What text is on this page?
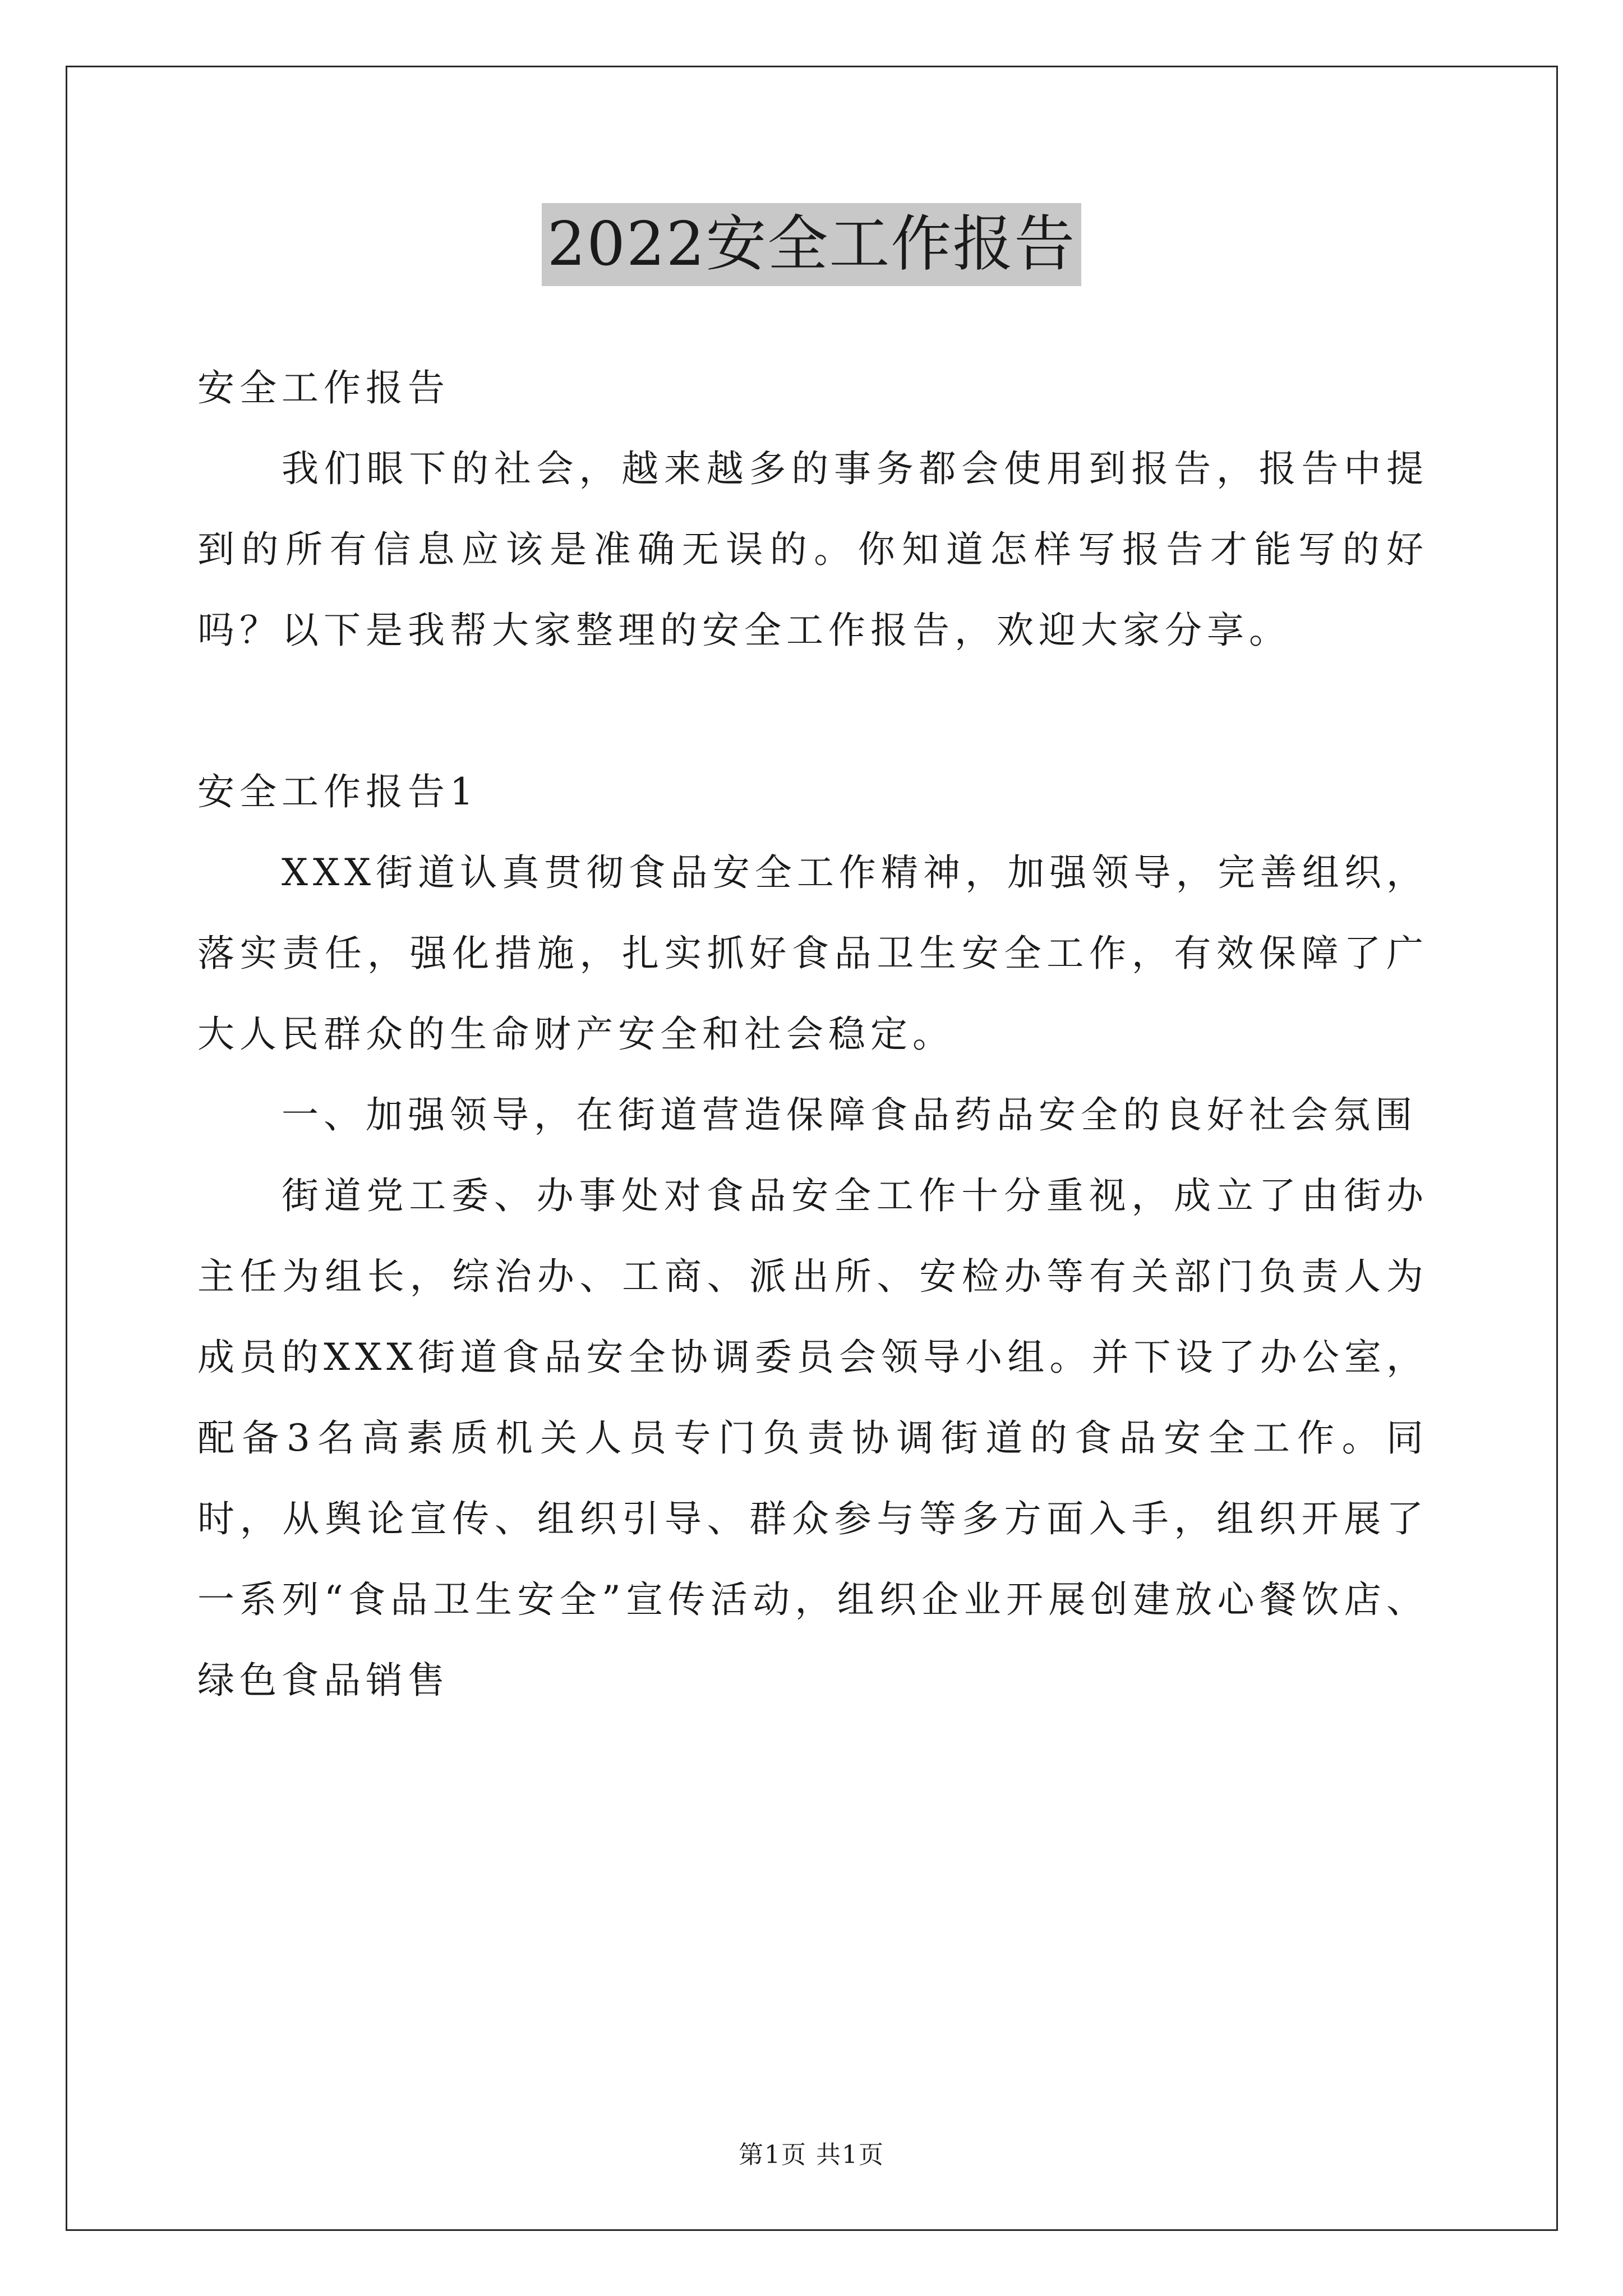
2022安全工作报告

安全工作报告

我们眼下的社会，越来越多的事务都会使用到报告，报告中提到的所有信息应该是准确无误的。你知道怎样写报告才能写的好吗？以下是我帮大家整理的安全工作报告，欢迎大家分享。

安全工作报告1

XXX街道认真贯彻食品安全工作精神，加强领导，完善组织，落实责任，强化措施，扎实抓好食品卫生安全工作，有效保障了广大人民群众的生命财产安全和社会稳定。

一、加强领导，在街道营造保障食品药品安全的良好社会氛围

街道党工委、办事处对食品安全工作十分重视，成立了由街办主任为组长，综治办、工商、派出所、安检办等有关部门负责人为成员的XXX街道食品安全协调委员会领导小组。并下设了办公室，配备3名高素质机关人员专门负责协调街道的食品安全工作。同时，从舆论宣传、组织引导、群众参与等多方面入手，组织开展了一系列“食品卫生安全”宣传活动，组织企业开展创建放心餐饮店、绿色食品销售

第1页 共1页
